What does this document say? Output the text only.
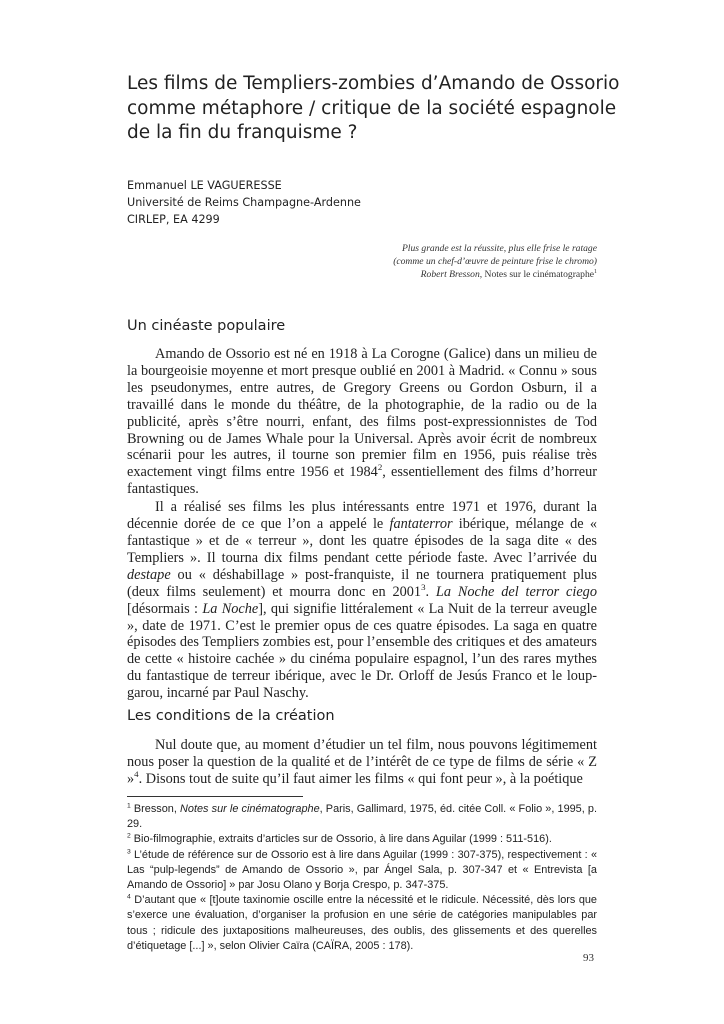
Les films de Templiers-zombies d’Amando de Ossorio
comme métaphore / critique de la société espagnole
de la fin du franquisme ?
Emmanuel LE VAGUERESSE
Université de Reims Champagne-Ardenne
CIRLEP, EA 4299
Plus grande est la réussite, plus elle frise le ratage
(comme un chef-d’œuvre de peinture frise le chromo)
Robert Bresson, Notes sur le cinématographe$^1$
Un cinéaste populaire

Amando de Ossorio est né en 1918 à La Corogne (Galice) dans un milieu de la bourgeoisie moyenne et mort presque oublié en 2001 à Madrid. « Connu » sous les pseudonymes, entre autres, de Gregory Greens ou Gordon Osburn, il a travaillé dans le monde du théâtre, de la photographie, de la radio ou de la publicité, après s’être nourri, enfant, des films post-expressionnistes de Tod Browning ou de James Whale pour la Universal. Après avoir écrit de nombreux scénarii pour les autres, il tourne son premier film en 1956, puis réalise très exactement vingt films entre 1956 et 1984$^2$, essentiellement des films d’horreur fantastiques.

Il a réalisé ses films les plus intéressants entre 1971 et 1976, durant la décennie dorée de ce que l’on a appelé le fantaterror ibérique, mélange de « fantastique » et de « terreur », dont les quatre épisodes de la saga dite « des Templiers ». Il tourna dix films pendant cette période faste. Avec l’arrivée du destape ou « déshabillage » post-franquiste, il ne tournera pratiquement plus (deux films seulement) et mourra donc en 2001$^3$. La Noche del terror ciego [désormais : La Noche], qui signifie littéralement « La Nuit de la terreur aveugle », date de 1971. C’est le premier opus de ces quatre épisodes. La saga en quatre épisodes des Templiers zombies est, pour l’ensemble des critiques et des amateurs de cette « histoire cachée » du cinéma populaire espagnol, l’un des rares mythes du fantastique de terreur ibérique, avec le Dr. Orloff de Jesús Franco et le loup-garou, incarné par Paul Naschy.

Les conditions de la création

Nul doute que, au moment d’étudier un tel film, nous pouvons légitimement nous poser la question de la qualité et de l’intérêt de ce type de films de série « Z »$^4$. Disons tout de suite qu’il faut aimer les films « qui font peur », à la poétique

$^1$ Bresson, Notes sur le cinématographe, Paris, Gallimard, 1975, éd. citée Coll. « Folio », 1995, p. 29.

$^2$ Bio-filmographie, extraits d’articles sur de Ossorio, à lire dans Aguilar (1999 : 511-516).

$^3$ L’étude de référence sur de Ossorio est à lire dans Aguilar (1999 : 307-375), respectivement : « Las “pulp-legends” de Amando de Ossorio », par Ángel Sala, p. 307-347 et « Entrevista [a Amando de Ossorio] » par Josu Olano y Borja Crespo, p. 347-375.

$^4$ D’autant que « [t]oute taxinomie oscille entre la nécessité et le ridicule. Nécessité, dès lors que s’exerce une évaluation, d’organiser la profusion en une série de catégories manipulables par tous ; ridicule des juxtapositions malheureuses, des oublis, des glissements et des querelles d’étiquetage [...] », selon Olivier Caïra (CAÏRA, 2005 : 178).

93
